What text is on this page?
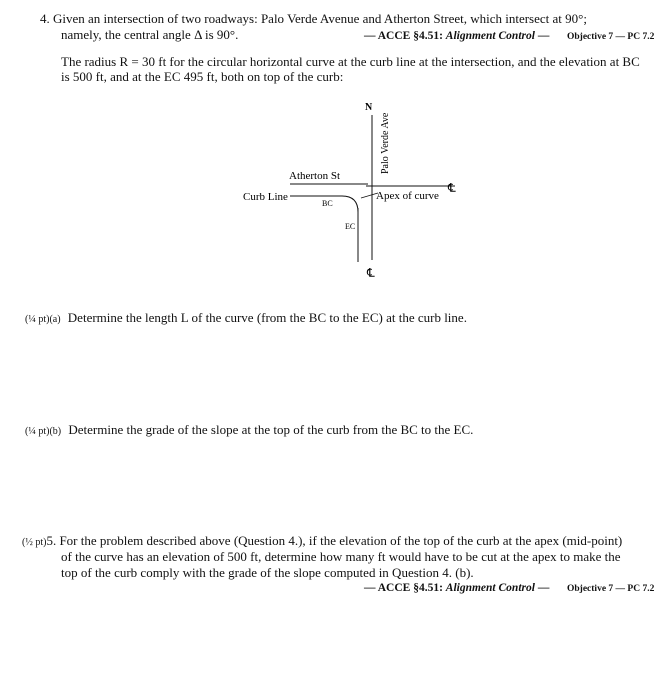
4. Given an intersection of two roadways: Palo Verde Avenue and Atherton Street, which intersect at 90°;
namely, the central angle Δ is 90°.	— ACCE §4.51: Alignment Control — Objective 7 — PC 7.2
The radius R = 30 ft for the circular horizontal curve at the curb line at the intersection, and the elevation at BC
is 500 ft, and at the EC 495 ft, both on top of the curb:
N
Palo Verde Ave
Atherton St
Curb Line
BC
EC
Apex of curve
℄
℄
(¼ pt)(a) Determine the length L of the curve (from the BC to the EC) at the curb line.
(¼ pt)(b) Determine the grade of the slope at the top of the curb from the BC to the EC.
(½ pt)5. For the problem described above (Question 4.), if the elevation of the top of the curb at the apex (mid-point)
of the curve has an elevation of 500 ft, determine how many ft would have to be cut at the apex to make the
top of the curb comply with the grade of the slope computed in Question 4. (b).
— ACCE §4.51: Alignment Control — Objective 7 — PC 7.2
